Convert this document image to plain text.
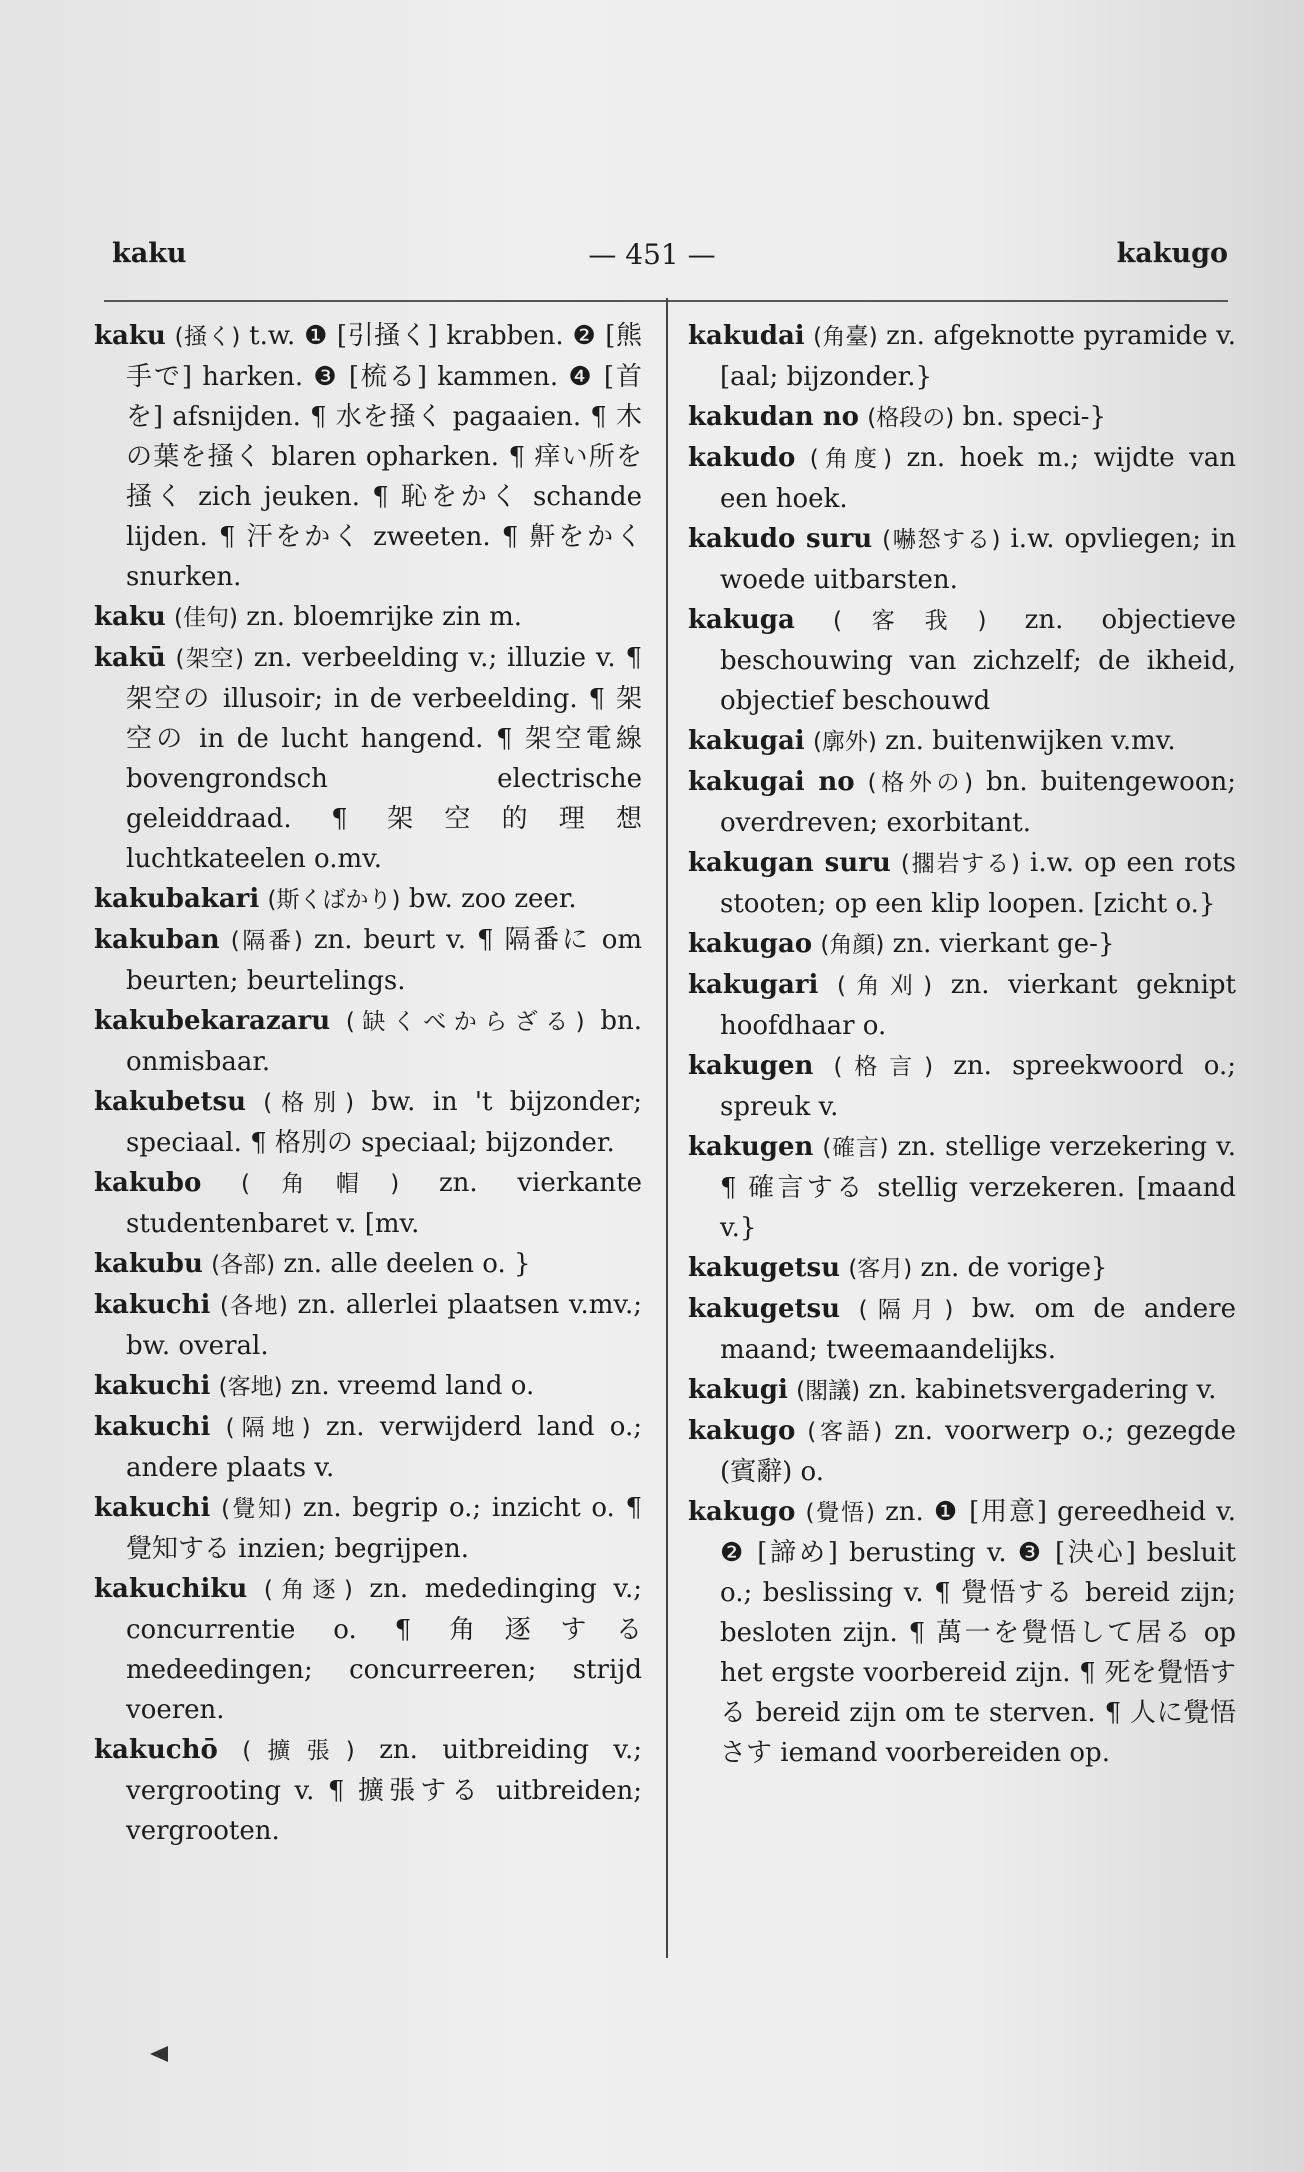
kaku	— 451 —	kakugo

kaku (掻く) t.w. ❶ [引掻く] krabben. ❷ [熊手で] harken. ❸ [梳る] kammen. ❹ [首を] afsnijden. ¶ 水を掻く pagaaien. ¶ 木の葉を掻く blaren opharken. ¶ 痒い所を掻く zich jeuken. ¶ 恥をかく schande lijden. ¶ 汗をかく zweeten. ¶ 鼾をかく snurken.

kaku (佳句) zn. bloemrijke zin m.

kakū (架空) zn. verbeelding v.; illuzie v. ¶ 架空の illusoir; in de verbeelding. ¶ 架空の in de lucht hangend. ¶ 架空電線 bovengrondsch electrische geleiddraad. ¶ 架空的理想 luchtkateelen o.mv.

kakubakari (斯くばかり) bw. zoo zeer.

kakuban (隔番) zn. beurt v. ¶ 隔番に om beurten; beurtelings.

kakubekarazaru (缺くべからざる) bn. onmisbaar.

kakubetsu (格別) bw. in 't bijzonder; speciaal. ¶ 格別の speciaal; bijzonder.

kakubo (角帽) zn. vierkante studentenbaret v. [mv.

kakubu (各部) zn. alle deelen o. }

kakuchi (各地) zn. allerlei plaatsen v.mv.; bw. overal.

kakuchi (客地) zn. vreemd land o.

kakuchi (隔地) zn. verwijderd land o.; andere plaats v.

kakuchi (覺知) zn. begrip o.; inzicht o. ¶ 覺知する inzien; begrijpen.

kakuchiku (角逐) zn. mededinging v.; concurrentie o. ¶ 角逐する medeedingen; concurreeren; strijd voeren.

kakuchō (擴張) zn. uitbreiding v.; vergrooting v. ¶ 擴張する uitbreiden; vergrooten.

kakudai (角臺) zn. afgeknotte pyramide v. [aal; bijzonder.}

kakudan no (格段の) bn. speci-}

kakudo (角度) zn. hoek m.; wijdte van een hoek.

kakudo suru (嚇怒する) i.w. opvliegen; in woede uitbarsten.

kakuga (客我) zn. objectieve beschouwing van zichzelf; de ikheid, objectief beschouwd

kakugai (廓外) zn. buitenwijken v.mv.

kakugai no (格外の) bn. buitengewoon; overdreven; exorbitant.

kakugan suru (擱岩する) i.w. op een rots stooten; op een klip loopen. [zicht o.}

kakugao (角顔) zn. vierkant ge-}

kakugari (角刈) zn. vierkant geknipt hoofdhaar o.

kakugen (格言) zn. spreekwoord o.; spreuk v.

kakugen (確言) zn. stellige verzekering v. ¶ 確言する stellig verzekeren. [maand v.}

kakugetsu (客月) zn. de vorige}

kakugetsu (隔月) bw. om de andere maand; tweemaandelijks.

kakugi (閣議) zn. kabinetsvergadering v.

kakugo (客語) zn. voorwerp o.; gezegde (賓辭) o.

kakugo (覺悟) zn. ❶ [用意] gereedheid v. ❷ [諦め] berusting v. ❸ [決心] besluit o.; beslissing v. ¶ 覺悟する bereid zijn; besloten zijn. ¶ 萬一を覺悟して居る op het ergste voorbereid zijn. ¶ 死を覺悟する bereid zijn om te sterven. ¶ 人に覺悟さす iemand voorbereiden op.
